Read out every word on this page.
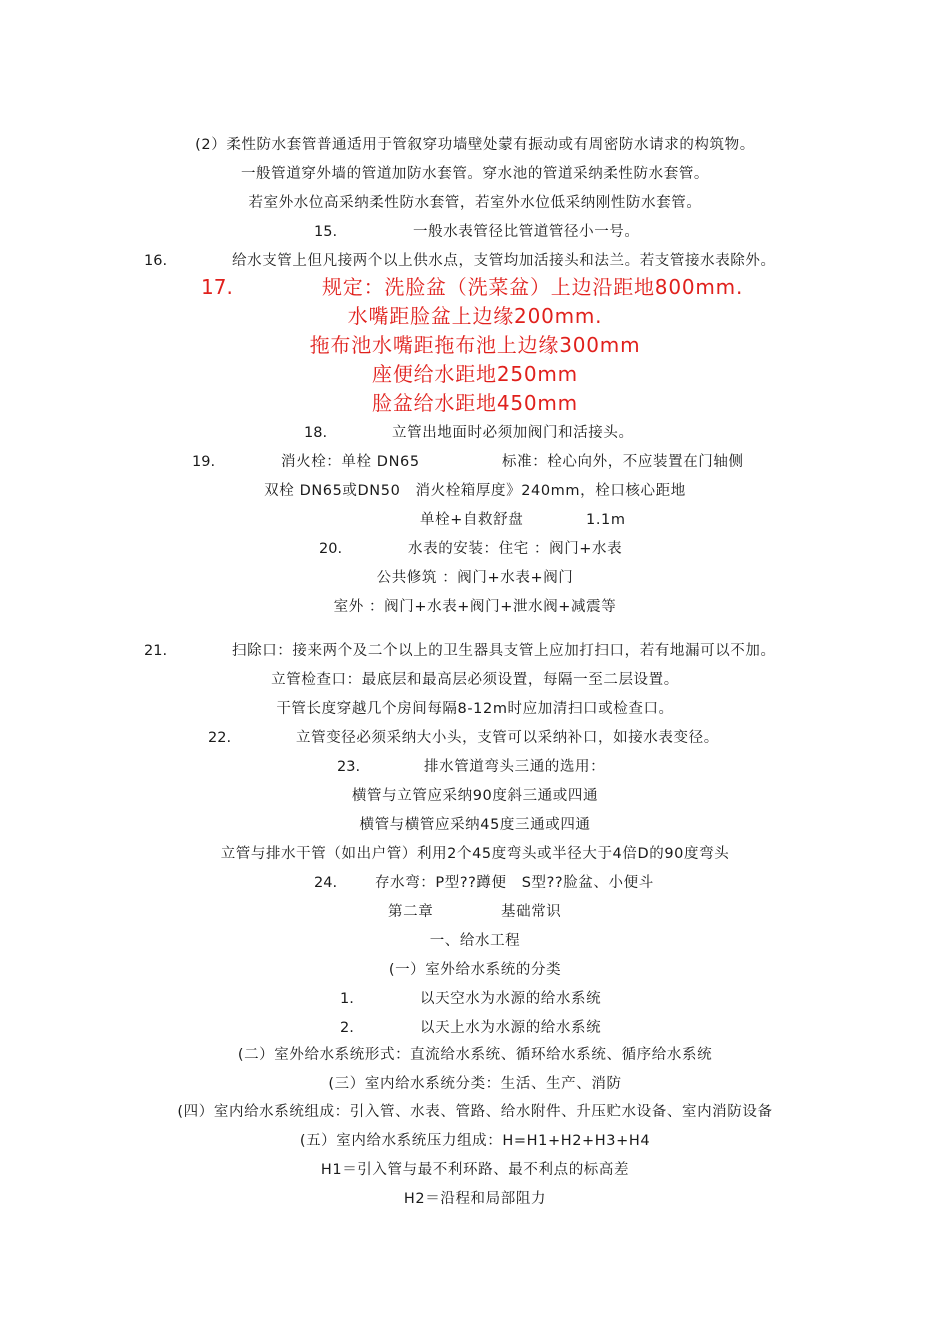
(2）柔性防水套管普通适用于管叙穿功墙壁处蒙有振动或有周密防水请求的构筑物。
一般管道穿外墙的管道加防水套管。穿水池的管道采纳柔性防水套管。
若室外水位高采纳柔性防水套管，若室外水位低采纳刚性防水套管。
15.	一般水表管径比管道管径小一号。
16.	给水支管上但凡接两个以上供水点，支管均加活接头和法兰。若支管接水表除外。
17.	规定：洗脸盆（洗菜盆）上边沿距地800mm.
水嘴距脸盆上边缘200mm.
拖布池水嘴距拖布池上边缘300mm
座便给水距地250mm
脸盆给水距地450mm
18.	立管出地面时必须加阀门和活接头。
19.	消火栓：单栓 DN65	标准：栓心向外，不应装置在门轴侧
双栓 DN65或DN50　消火栓箱厚度》240mm，栓口核心距地
单栓+自救舒盘	1.1m
20.	水表的安装：住宅 ：阀门+水表
公共修筑 ：阀门+水表+阀门
室外 ：阀门+水表+阀门+泄水阀+减震等
21.	扫除口：接来两个及二个以上的卫生器具支管上应加打扫口，若有地漏可以不加。
立管检查口：最底层和最高层必须设置，每隔一至二层设置。
干管长度穿越几个房间每隔8-12m时应加清扫口或检查口。
22.	立管变径必须采纳大小头，支管可以采纳补口，如接水表变径。
23.	排水管道弯头三通的选用：
横管与立管应采纳90度斜三通或四通
横管与横管应采纳45度三通或四通
立管与排水干管（如出户管）利用2个45度弯头或半径大于4倍D的90度弯头
24.	存水弯：P型??蹲便　S型??脸盆、小便斗
第二章	基础常识
一、给水工程
(一）室外给水系统的分类
1.	以天空水为水源的给水系统
2.	以天上水为水源的给水系统
(二）室外给水系统形式：直流给水系统、循环给水系统、循序给水系统
(三）室内给水系统分类：生活、生产、消防
(四）室内给水系统组成：引入管、水表、管路、给水附件、升压贮水设备、室内消防设备
(五）室内给水系统压力组成：H=H1+H2+H3+H4
H1＝引入管与最不利环路、最不利点的标高差
H2＝沿程和局部阻力
